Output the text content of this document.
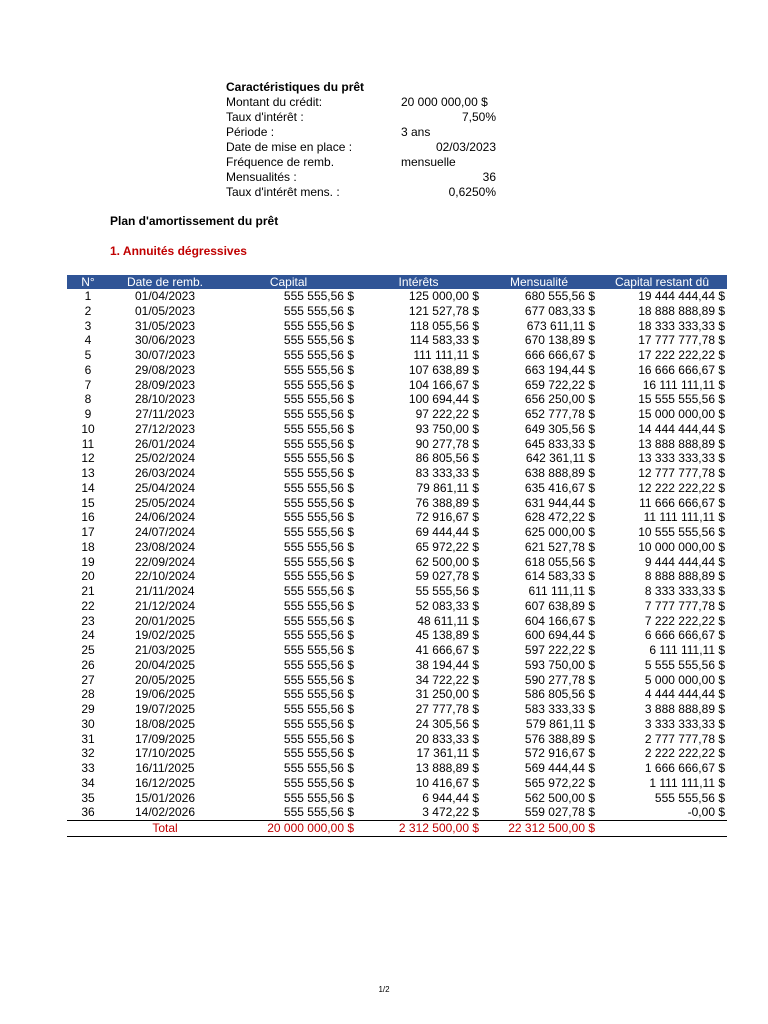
Caractéristiques du prêt
Montant du crédit:	20 000 000,00 $
Taux d'intérêt :	7,50%
Période :	3 ans
Date de mise en place :	02/03/2023
Fréquence de remb.	mensuelle
Mensualités :	36
Taux d'intérêt mens. :	0,6250%
Plan d'amortissement du prêt
1. Annuités dégressives
N°	Date de remb.	Capital	Intérêts	Mensualité	Capital restant dû
1	01/04/2023	555 555,56 $	125 000,00 $	680 555,56 $	19 444 444,44 $
2	01/05/2023	555 555,56 $	121 527,78 $	677 083,33 $	18 888 888,89 $
3	31/05/2023	555 555,56 $	118 055,56 $	673 611,11 $	18 333 333,33 $
4	30/06/2023	555 555,56 $	114 583,33 $	670 138,89 $	17 777 777,78 $
5	30/07/2023	555 555,56 $	111 111,11 $	666 666,67 $	17 222 222,22 $
6	29/08/2023	555 555,56 $	107 638,89 $	663 194,44 $	16 666 666,67 $
7	28/09/2023	555 555,56 $	104 166,67 $	659 722,22 $	16 111 111,11 $
8	28/10/2023	555 555,56 $	100 694,44 $	656 250,00 $	15 555 555,56 $
9	27/11/2023	555 555,56 $	97 222,22 $	652 777,78 $	15 000 000,00 $
10	27/12/2023	555 555,56 $	93 750,00 $	649 305,56 $	14 444 444,44 $
11	26/01/2024	555 555,56 $	90 277,78 $	645 833,33 $	13 888 888,89 $
12	25/02/2024	555 555,56 $	86 805,56 $	642 361,11 $	13 333 333,33 $
13	26/03/2024	555 555,56 $	83 333,33 $	638 888,89 $	12 777 777,78 $
14	25/04/2024	555 555,56 $	79 861,11 $	635 416,67 $	12 222 222,22 $
15	25/05/2024	555 555,56 $	76 388,89 $	631 944,44 $	11 666 666,67 $
16	24/06/2024	555 555,56 $	72 916,67 $	628 472,22 $	11 111 111,11 $
17	24/07/2024	555 555,56 $	69 444,44 $	625 000,00 $	10 555 555,56 $
18	23/08/2024	555 555,56 $	65 972,22 $	621 527,78 $	10 000 000,00 $
19	22/09/2024	555 555,56 $	62 500,00 $	618 055,56 $	9 444 444,44 $
20	22/10/2024	555 555,56 $	59 027,78 $	614 583,33 $	8 888 888,89 $
21	21/11/2024	555 555,56 $	55 555,56 $	611 111,11 $	8 333 333,33 $
22	21/12/2024	555 555,56 $	52 083,33 $	607 638,89 $	7 777 777,78 $
23	20/01/2025	555 555,56 $	48 611,11 $	604 166,67 $	7 222 222,22 $
24	19/02/2025	555 555,56 $	45 138,89 $	600 694,44 $	6 666 666,67 $
25	21/03/2025	555 555,56 $	41 666,67 $	597 222,22 $	6 111 111,11 $
26	20/04/2025	555 555,56 $	38 194,44 $	593 750,00 $	5 555 555,56 $
27	20/05/2025	555 555,56 $	34 722,22 $	590 277,78 $	5 000 000,00 $
28	19/06/2025	555 555,56 $	31 250,00 $	586 805,56 $	4 444 444,44 $
29	19/07/2025	555 555,56 $	27 777,78 $	583 333,33 $	3 888 888,89 $
30	18/08/2025	555 555,56 $	24 305,56 $	579 861,11 $	3 333 333,33 $
31	17/09/2025	555 555,56 $	20 833,33 $	576 388,89 $	2 777 777,78 $
32	17/10/2025	555 555,56 $	17 361,11 $	572 916,67 $	2 222 222,22 $
33	16/11/2025	555 555,56 $	13 888,89 $	569 444,44 $	1 666 666,67 $
34	16/12/2025	555 555,56 $	10 416,67 $	565 972,22 $	1 111 111,11 $
35	15/01/2026	555 555,56 $	6 944,44 $	562 500,00 $	555 555,56 $
36	14/02/2026	555 555,56 $	3 472,22 $	559 027,78 $	-0,00 $
	Total	20 000 000,00 $	2 312 500,00 $	22 312 500,00 $	
1/2
